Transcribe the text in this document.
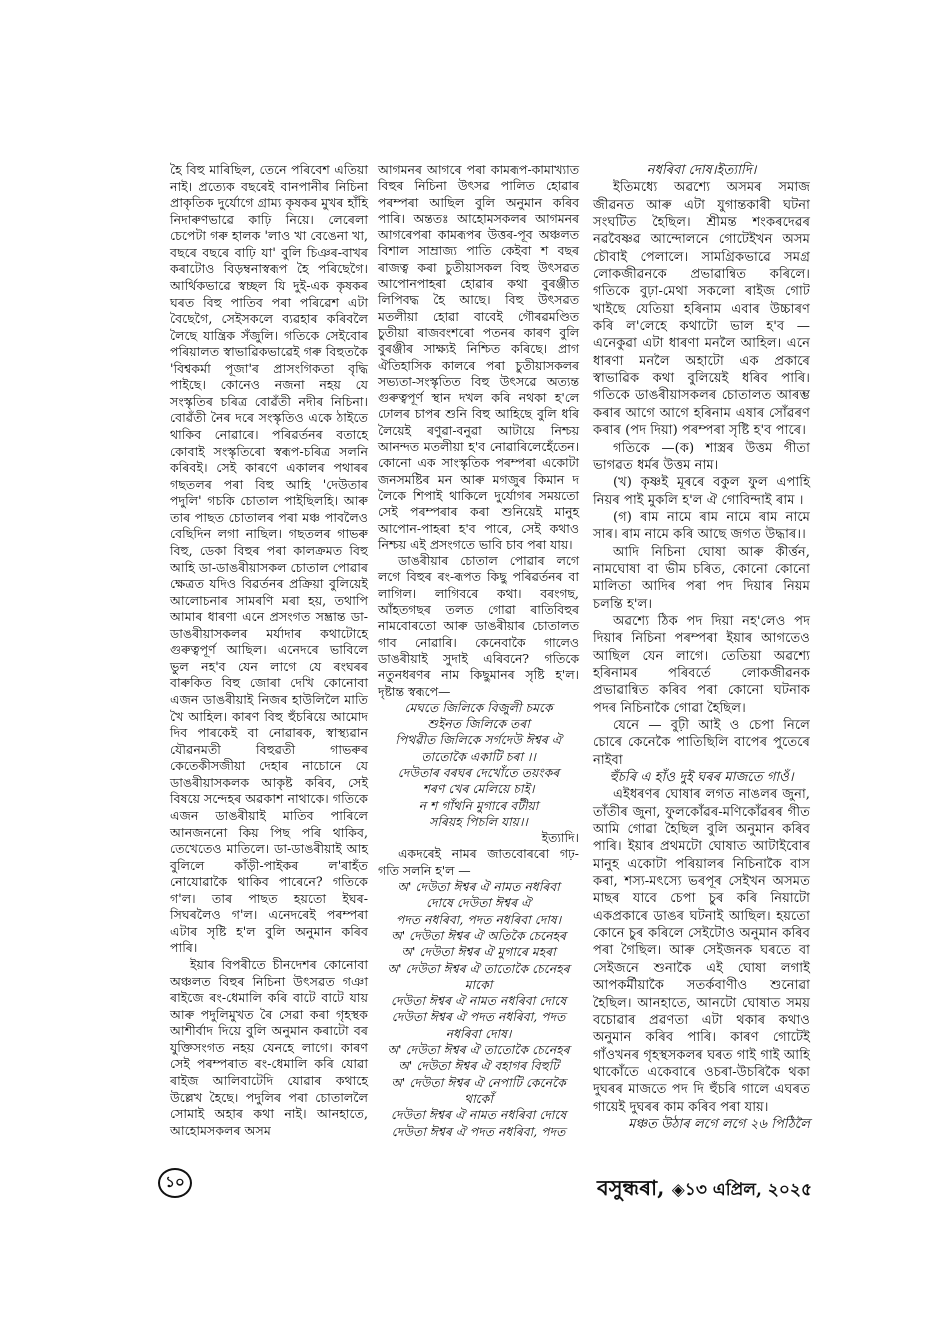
হৈ বিহু মাৰিছিল, তেনে পৰিবেশ এতিয়া নাই। প্ৰত্যেক বছৰেই বানপানীৰ নিচিনা প্ৰাকৃতিক দুৰ্যোগে গ্ৰাম্য কৃষকৰ মুখৰ হাঁহি নিদাৰুণভাৱে কাঢ়ি নিয়ে। লেৰেলা চেপেটা গৰু হালক 'লাও খা বেঙেনা খা, বছৰে বছৰে বাঢ়ি যা' বুলি চিঞৰ-বাখৰ কৰাটোও বিড়ম্বনাস্বৰূপ হৈ পৰিছেগৈ। আৰ্থিকভাৱে স্বচ্ছল যি দুই-এক কৃষকৰ ঘৰত বিহু পাতিব পৰা পৰিৱেশ এটা বৈছেগৈ, সেইসকলে ব্যৱহাৰ কৰিবলৈ লৈছে যান্ত্ৰিক সঁজুলি। গতিকে সেইবোৰ পৰিয়ালত স্বাভাৱিকভাৱেই গৰু বিহুতকৈ 'বিশ্বকৰ্মা পূজা'ৰ প্ৰাসংগিকতা বৃদ্ধি পাইছে। কোনেও নজনা নহয় যে সংস্কৃতিৰ চৰিত্ৰ বোৱঁতী নদীৰ নিচিনা। বোৱঁতী নৈৰ দৰে সংস্কৃতিও একে ঠাইতে থাকিব নোৱাৰে। পৰিৱৰ্তনৰ বতাহে কোবাই সংস্কৃতিৰো স্বৰূপ-চৰিত্ৰ সলনি কৰিবই। সেই কাৰণে একালৰ পথাৰৰ গছতলৰ পৰা বিহু আহি 'দেউতাৰ পদুলি' গচকি চোতাল পাইছিলহি। আৰু তাৰ পাছত চোতালৰ পৰা মঞ্চ পাবলৈও বেছিদিন লগা নাছিল। গছতলৰ গাভৰু বিহু, ডেকা বিহুৰ পৰা কালক্ৰমত বিহু আহি ডা-ডাঙৰীয়াসকল চোতাল পোৱাৰ ক্ষেত্ৰত যদিও বিৱৰ্তনৰ প্ৰক্ৰিয়া বুলিয়েই আলোচনাৰ সামৰণি মৰা হয়, তথাপি আমাৰ ধাৰণা এনে প্ৰসংগত সম্ভ্ৰান্ত ডা-ডাঙৰীয়াসকলৰ মৰ্যাদাৰ কথাটোহে গুৰুত্বপূৰ্ণ আছিল। এনেদৰে ভাবিলে ভুল নহ'ব যেন লাগে যে ৰংঘৰৰ বাৰুকিত বিহু জোৰা দেখি কোনোবা এজন ডাঙৰীয়াই নিজৰ হাউলিলৈ মাতি খৈ আহিল। কাৰণ বিহু হুঁচৰিয়ে আমোদ দিব পাৰকেই বা নোৱাৰক, স্বাস্থ্যৱান যৌৱনমতী বিহুৱতী গাভৰুৰ কেতেকীসজীয়া দেহাৰ নাচোনে যে ডাঙৰীয়াসকলক আকৃষ্ট কৰিব, সেই বিষয়ে সন্দেহৰ অৱকাশ নাথাকে। গতিকে এজন ডাঙৰীয়াই মাতিব পাৰিলে আনজননো কিয় পিছ পৰি থাকিব, তেখেতেও মাতিলে। ডা-ডাঙৰীয়াই আহ বুলিলে কাঁড়ী-পাইকৰ ল'ৰাহঁত নোযোৱাকৈ থাকিব পাৰেনে? গতিকে গ'ল। তাৰ পাছত হয়তো ইঘৰ-সিঘৰলৈও গ'ল। এনেদৰেই পৰম্পৰা এটাৰ সৃষ্টি হ'ল বুলি অনুমান কৰিব পাৰি।

ইয়াৰ বিপৰীতে চীনদেশৰ কোনোবা অঞ্চলত বিহুৰ নিচিনা উৎসৱত গঞা ৰাইজে ৰং-ধেমালি কৰি বাটে বাটে যায় আৰু পদুলিমুখত ৰৈ সেৱা কৰা গৃহস্থক আশীৰ্বাদ দিয়ে বুলি অনুমান কৰাটো বৰ যুক্তিসংগত নহয় যেনহে লাগে। কাৰণ সেই পৰম্পৰাত ৰং-ধেমালি কৰি যোৱা ৰাইজ আলিবাটেদি যোৱাৰ কথাহে উল্লেখ হৈছে। পদুলিৰ পৰা চোতাললৈ সোমাই অহাৰ কথা নাই। আনহাতে, আহোমসকলৰ অসম

আগমনৰ আগৰে পৰা কামৰূপ-কামাখ্যাত বিহুৰ নিচিনা উৎসৱ পালিত হোৱাৰ পৰম্পৰা আছিল বুলি অনুমান কৰিব পাৰি। অন্ততঃ আহোমসকলৰ আগমনৰ আগৰেপৰা কামৰূপৰ উত্তৰ-পূব অঞ্চলত বিশাল সাম্ৰাজ্য পাতি কেইবা শ বছৰ ৰাজত্ব কৰা চুতীয়াসকল বিহু উৎসৱত আপোনপাহৰা হোৱাৰ কথা বুৰঞ্জীত লিপিবদ্ধ হৈ আছে। বিহু উৎসৱত মতলীয়া হোৱা বাবেই গৌৰৱমণ্ডিত চুতীয়া ৰাজবংশৰো পতনৰ কাৰণ বুলি বুৰঞ্জীৰ সাক্ষ্যই নিশ্চিত কৰিছে। প্ৰাগ ঐতিহাসিক কালৰে পৰা চুতীয়াসকলৰ সভ্যতা-সংস্কৃতিত বিহু উৎসৱে অত্যন্ত গুৰুত্বপূৰ্ণ স্থান দখল কৰি নথকা হ'লে ঢোলৰ চাপৰ শুনি বিহু আহিছে বুলি ধৰি লৈয়েই ৰণুৱা-বনুৱা আটায়ে নিশ্চয় আনন্দত মতলীয়া হ'ব নোৱাৰিলেহেঁতেন। কোনো এক সাংস্কৃতিক পৰম্পৰা একোটা জনসমষ্টিৰ মন আৰু মগজুৰ কিমান দ লৈকে শিপাই থাকিলে দুৰ্যোগৰ সময়তো সেই পৰম্পৰাৰ কৰা শুনিয়েই মানুহ আপোন-পাহৰা হ'ব পাৰে, সেই কথাও নিশ্চয় এই প্ৰসংগতে ভাবি চাব পৰা যায়।

ডাঙৰীয়াৰ চোতাল পোৱাৰ লগে লগে বিহুৰ ৰং-ৰূপত কিছু পৰিৱৰ্তনৰ বা লাগিল। লাগিবৰে কথা। বৰংগছ, আঁহতগছৰ তলত গোৱা ৰাতিবিহুৰ নামবোৰতো আৰু ডাঙৰীয়াৰ চোতালত গাব নোৱাৰি। কেনেবাকৈ গালেও ডাঙৰীয়াই সুদাই এৰিবনে? গতিকে নতুনধৰণৰ নাম কিছুমানৰ সৃষ্টি হ'ল। দৃষ্টান্ত স্বৰূপে—

মেঘতে জিলিকে বিজুলী চমকে

শুইনত জিলিকে তৰা

পিথৱীত জিলিকে সৰ্গদেউ ঈশ্বৰ ঐ

তাতোকৈ একাটি চৰা ।।

দেউতাৰ বৰঘৰ দেখোঁতে তয়ংকৰ

শৰণ খেৰ মেলিয়ে চাই।

ন শ গাঁথনি মুগাৰে বটীয়া

সৰিয়হ পিচলি যায়।।

ইত্যাদি।

একদৰেই নামৰ জাতবোৰৰো গঢ়-গতি সলনি হ'ল —

অ' দেউতা ঈশ্বৰ ঐ নামত নধৰিবা

দোষে দেউতা ঈশ্বৰ ঐ

পদত নধৰিবা, পদত নধৰিবা দোষ।

অ' দেউতা ঈশ্বৰ ঐ অতিকৈ চেনেহৰ

অ' দেউতা ঈশ্বৰ ঐ মুগাৰে মহৰা

অ' দেউতা ঈশ্বৰ ঐ তাতোকৈ চেনেহৰ মাকো

দেউতা ঈশ্বৰ ঐ নামত নধৰিবা দোষে

দেউতা ঈশ্বৰ ঐ পদত নধৰিবা, পদত

নধৰিবা দোষ।

অ' দেউতা ঈশ্বৰ ঐ তাতোকৈ চেনেহৰ

অ' দেউতা ঈশ্বৰ ঐ বহাগৰ বিহুটি

অ' দেউতা ঈশ্বৰ ঐ নেপাটি কেনেকৈ থাকোঁ

দেউতা ঈশ্বৰ ঐ নামত নধৰিবা দোষে

দেউতা ঈশ্বৰ ঐ পদত নধৰিবা, পদত

নধৰিবা দোষ।ইত্যাদি।

ইতিমধ্যে অৱশ্যে অসমৰ সমাজ জীৱনত আৰু এটা যুগান্তকাৰী ঘটনা সংঘটিত হৈছিল। শ্ৰীমন্ত শংকৰদেৱৰ নৱবৈষ্ণৱ আন্দোলনে গোটেইখন অসম চৌবাই পেলালে। সামগ্ৰিকভাৱে সমগ্ৰ লোকজীৱনকে প্ৰভাৱান্বিত কৰিলে। গতিকে বুঢ়া-মেথা সকলো ৰাইজ গোট খাইছে যেতিয়া হৰিনাম এবাৰ উচ্চাৰণ কৰি ল'লেহে কথাটো ভাল হ'ব — এনেকুৱা এটা ধাৰণা মনলৈ আহিল। এনে ধাৰণা মনলৈ অহাটো এক প্ৰকাৰে স্বাভাৱিক কথা বুলিয়েই ধৰিব পাৰি। গতিকে ডাঙৰীয়াসকলৰ চোতালত আৰম্ভ কৰাৰ আগে আগে হৰিনাম এষাৰ সোঁৱৰণ কৰাৰ (পদ দিয়া) পৰম্পৰা সৃষ্টি হ'ব পাৰে।

গতিকে —(ক) শাস্ত্ৰৰ উত্তম গীতা ভাগৱত ধৰ্মৰ উত্তম নাম।

(খ) কৃষ্ণই মূৰৰে বকুল ফুল এপাহি নিয়ৰ পাই মুকলি হ'ল ঐ গোবিন্দাই ৰাম ।

(গ) ৰাম নামে ৰাম নামে ৰাম নামে সাৰ। ৰাম নামে কৰি আছে জগত উদ্ধাৰ।।

আদি নিচিনা ঘোষা আৰু কীৰ্ত্তন, নামঘোষা বা ভীম চৰিত, কোনো কোনো মালিতা আদিৰ পৰা পদ দিয়াৰ নিয়ম চলন্তি হ'ল।

অৱশ্যে ঠিক পদ দিয়া নহ'লেও পদ দিয়াৰ নিচিনা পৰম্পৰা ইয়াৰ আগতেও আছিল যেন লাগে। তেতিয়া অৱশ্যে হৰিনামৰ পৰিবৰ্তে লোকজীৱনক প্ৰভাৱান্বিত কৰিব পৰা কোনো ঘটনাক পদৰ নিচিনাকৈ গোৱা হৈছিল।

যেনে — বুঢ়ী আই ও চেপা নিলে চোৰে কেনেকৈ পাতিছিলি বাপেৰ পুতেৰে নাইবা

হুঁচৰি এ হাঁও দুই ঘৰৰ মাজতে গাওঁ।

এইধৰণৰ ঘোষাৰ লগত নাঙলৰ জুনা, তাঁতীৰ জুনা, ফুলকোঁৱৰ-মণিকোঁৱৰৰ গীত আমি গোৱা হৈছিল বুলি অনুমান কৰিব পাৰি। ইয়াৰ প্ৰথমটো ঘোষাত আটাইবোৰ মানুহ একোটা পৰিয়ালৰ নিচিনাকৈ বাস কৰা, শস্য-মৎস্যে ভৰপূৰ সেইখন অসমত মাছৰ যাবে চেপা চুৰ কৰি নিয়াটো একপ্ৰকাৰে ডাঙৰ ঘটনাই আছিল। হয়তো কোনে চুৰ কৰিলে সেইটোও অনুমান কৰিব পৰা গৈছিল। আৰু সেইজনক ঘৰতে বা সেইজনে শুনাকৈ এই ঘোষা লগাই আপকৰ্মীয়াকৈ সতৰ্কবাণীও শুনোৱা হৈছিল। আনহাতে, আনটো ঘোষাত সময় বচোৱাৰ প্ৰৱণতা এটা থকাৰ কথাও অনুমান কৰিব পাৰি। কাৰণ গোটেই গাঁওখনৰ গৃহস্থসকলৰ ঘৰত গাই গাই আহি থাকোঁতে একেবাৰে ওচৰা-উচৰিকৈ থকা দুঘৰৰ মাজতে পদ দি হুঁচৰি গালে এঘৰত গায়েই দুঘৰৰ কাম কৰিব পৰা যায়।

মঞ্চত উঠাৰ লগে লগে ২৬ পিঠিলৈ

১০	বসুন্ধৰা, ◈১৩ এপ্ৰিল, ২০২৫
